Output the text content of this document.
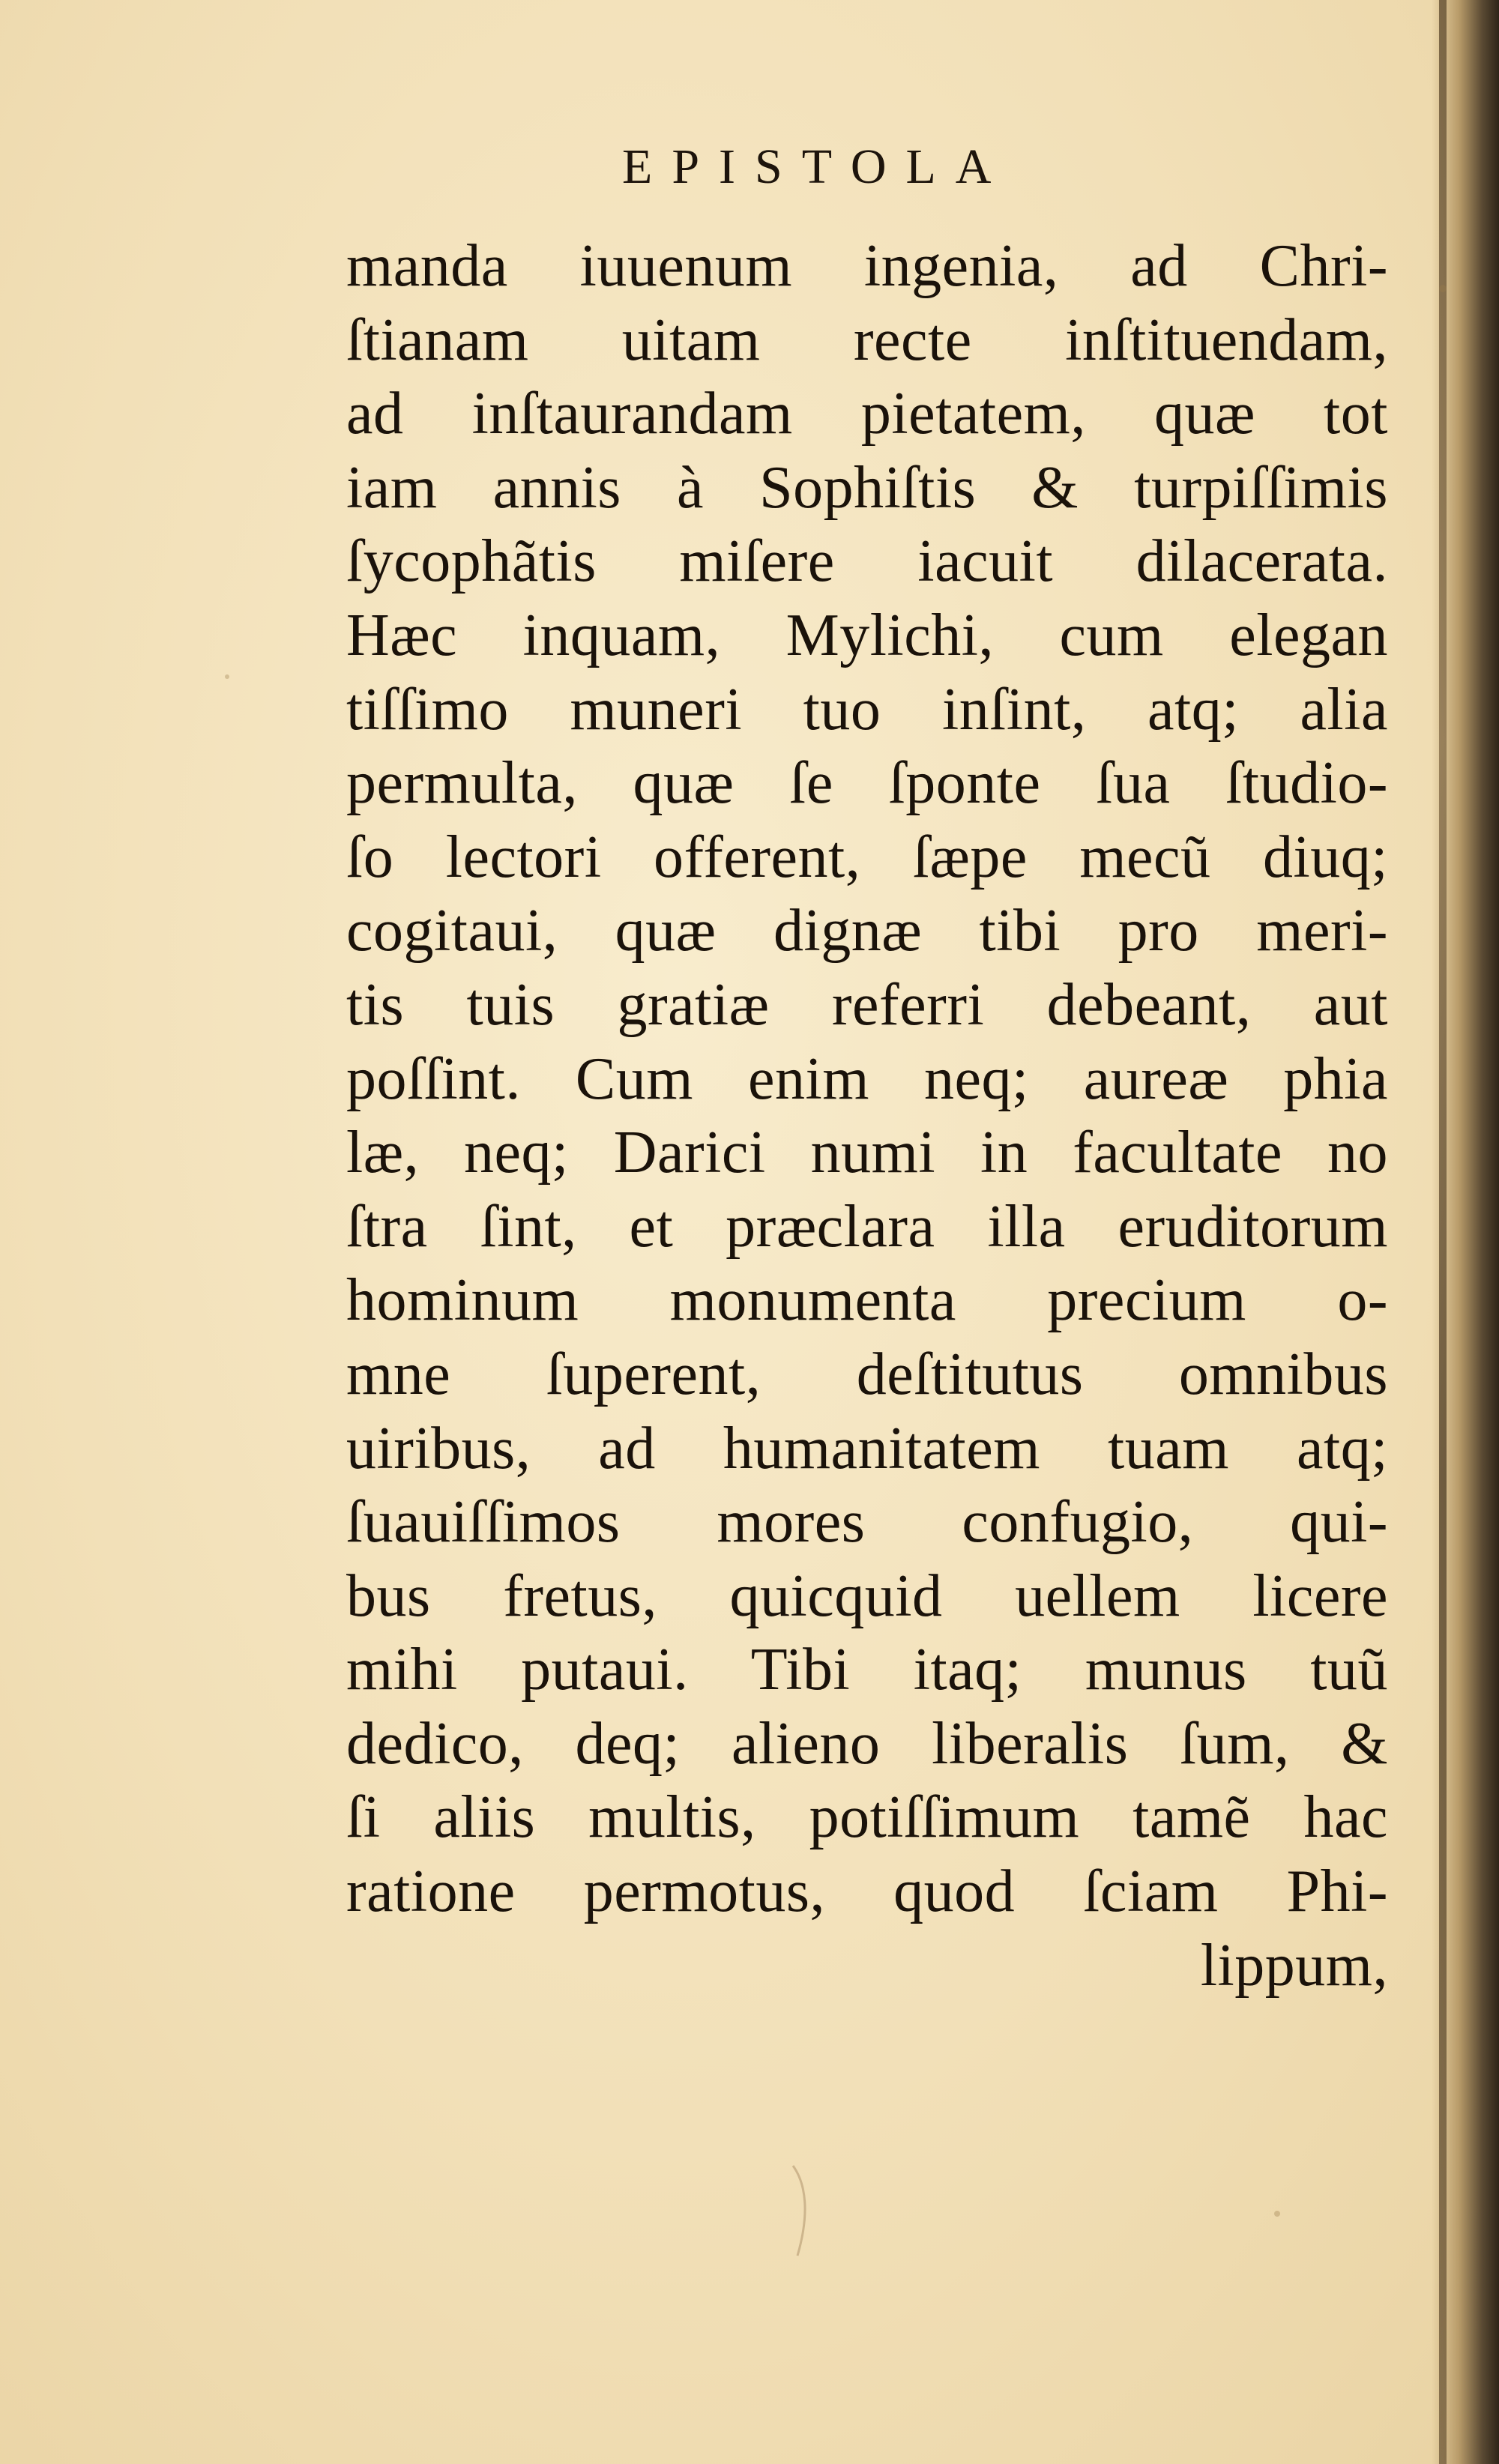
EPISTOLA
manda iuuenum ingenia, ad Chri-
ſtianam uitam recte inſtituendam,
ad inſtaurandam pietatem, quæ tot
iam annis à Sophiſtis & turpiſſimis
ſycophãtis miſere iacuit dilacerata.
Hæc inquam, Mylichi, cum elegan
tiſſimo muneri tuo inſint, atq; alia
permulta, quæ ſe ſponte ſua ſtudio-
ſo lectori offerent, ſæpe mecũ diuq;
cogitaui, quæ dignæ tibi pro meri-
tis tuis gratiæ referri debeant, aut
poſſint. Cum enim neq; aureæ phia
læ, neq; Darici numi in facultate no
ſtra ſint, et præclara illa eruditorum
hominum monumenta precium o-
mne ſuperent, deſtitutus omnibus
uiribus, ad humanitatem tuam atq;
ſuauiſſimos mores confugio, qui-
bus fretus, quicquid uellem licere
mihi putaui. Tibi itaq; munus tuũ
dedico, deq; alieno liberalis ſum, &
ſi aliis multis, potiſſimum tamẽ hac
ratione permotus, quod ſciam Phi-
lippum,
